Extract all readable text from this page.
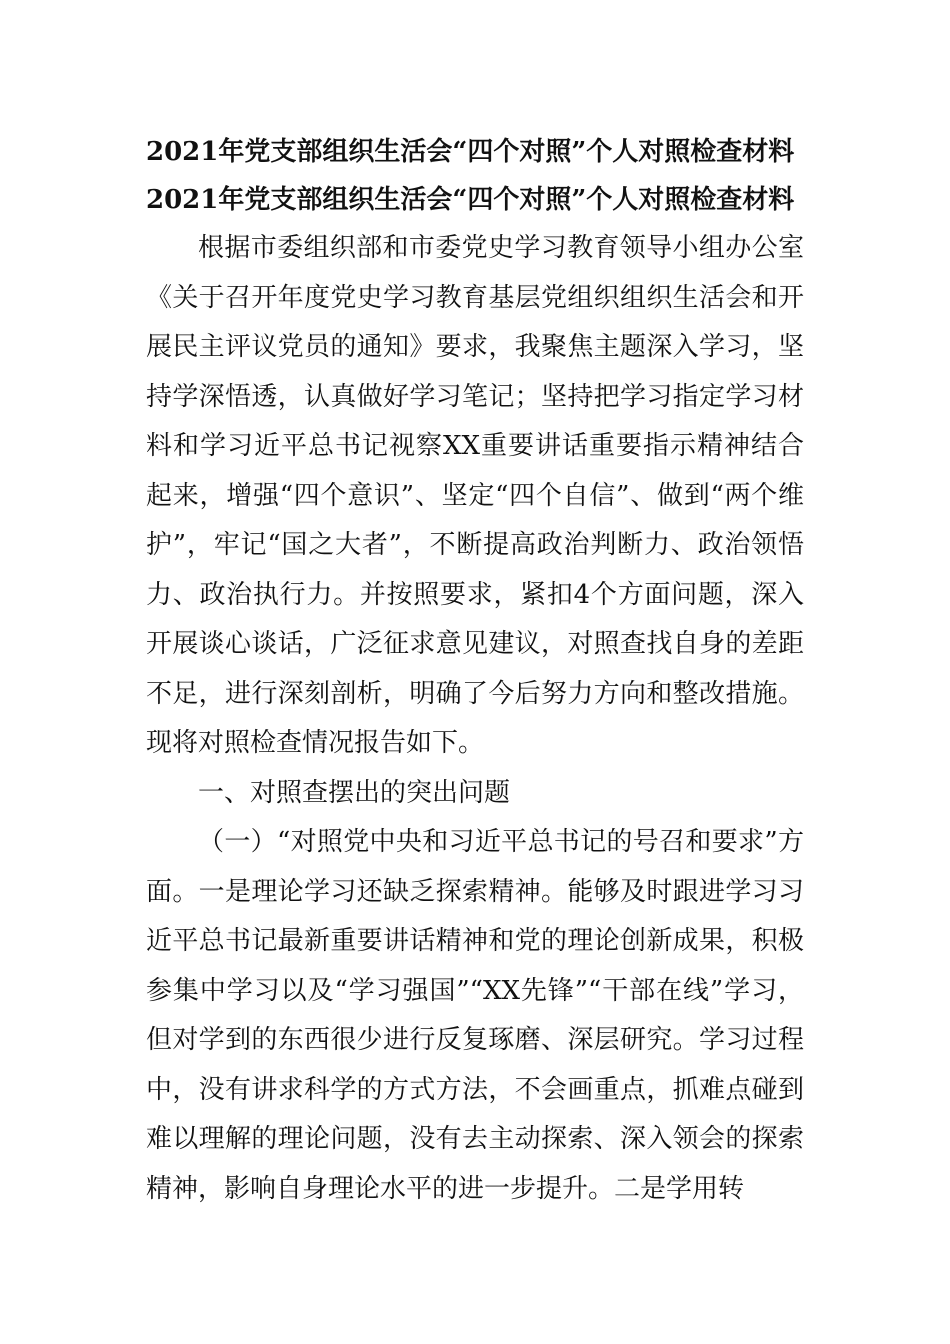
2021年党支部组织生活会“四个对照”个人对照检查材料

2021年党支部组织生活会“四个对照”个人对照检查材料

根据市委组织部和市委党史学习教育领导小组办公室《关于召开年度党史学习教育基层党组织组织生活会和开展民主评议党员的通知》要求，我聚焦主题深入学习，坚持学深悟透，认真做好学习笔记；坚持把学习指定学习材料和学习近平总书记视察XX重要讲话重要指示精神结合起来，增强“四个意识”、坚定“四个自信”、做到“两个维护”，牢记“国之大者”，不断提高政治判断力、政治领悟力、政治执行力。并按照要求，紧扣4个方面问题，深入开展谈心谈话，广泛征求意见建议，对照查找自身的差距不足，进行深刻剖析，明确了今后努力方向和整改措施。现将对照检查情况报告如下。

一、对照查摆出的突出问题

（一）“对照党中央和习近平总书记的号召和要求”方面。一是理论学习还缺乏探索精神。能够及时跟进学习习近平总书记最新重要讲话精神和党的理论创新成果，积极参集中学习以及“学习强国”“XX先锋”“干部在线”学习，但对学到的东西很少进行反复琢磨、深层研究。学习过程中，没有讲求科学的方式方法，不会画重点，抓难点碰到难以理解的理论问题，没有去主动探索、深入领会的探索精神，影响自身理论水平的进一步提升。二是学用转
